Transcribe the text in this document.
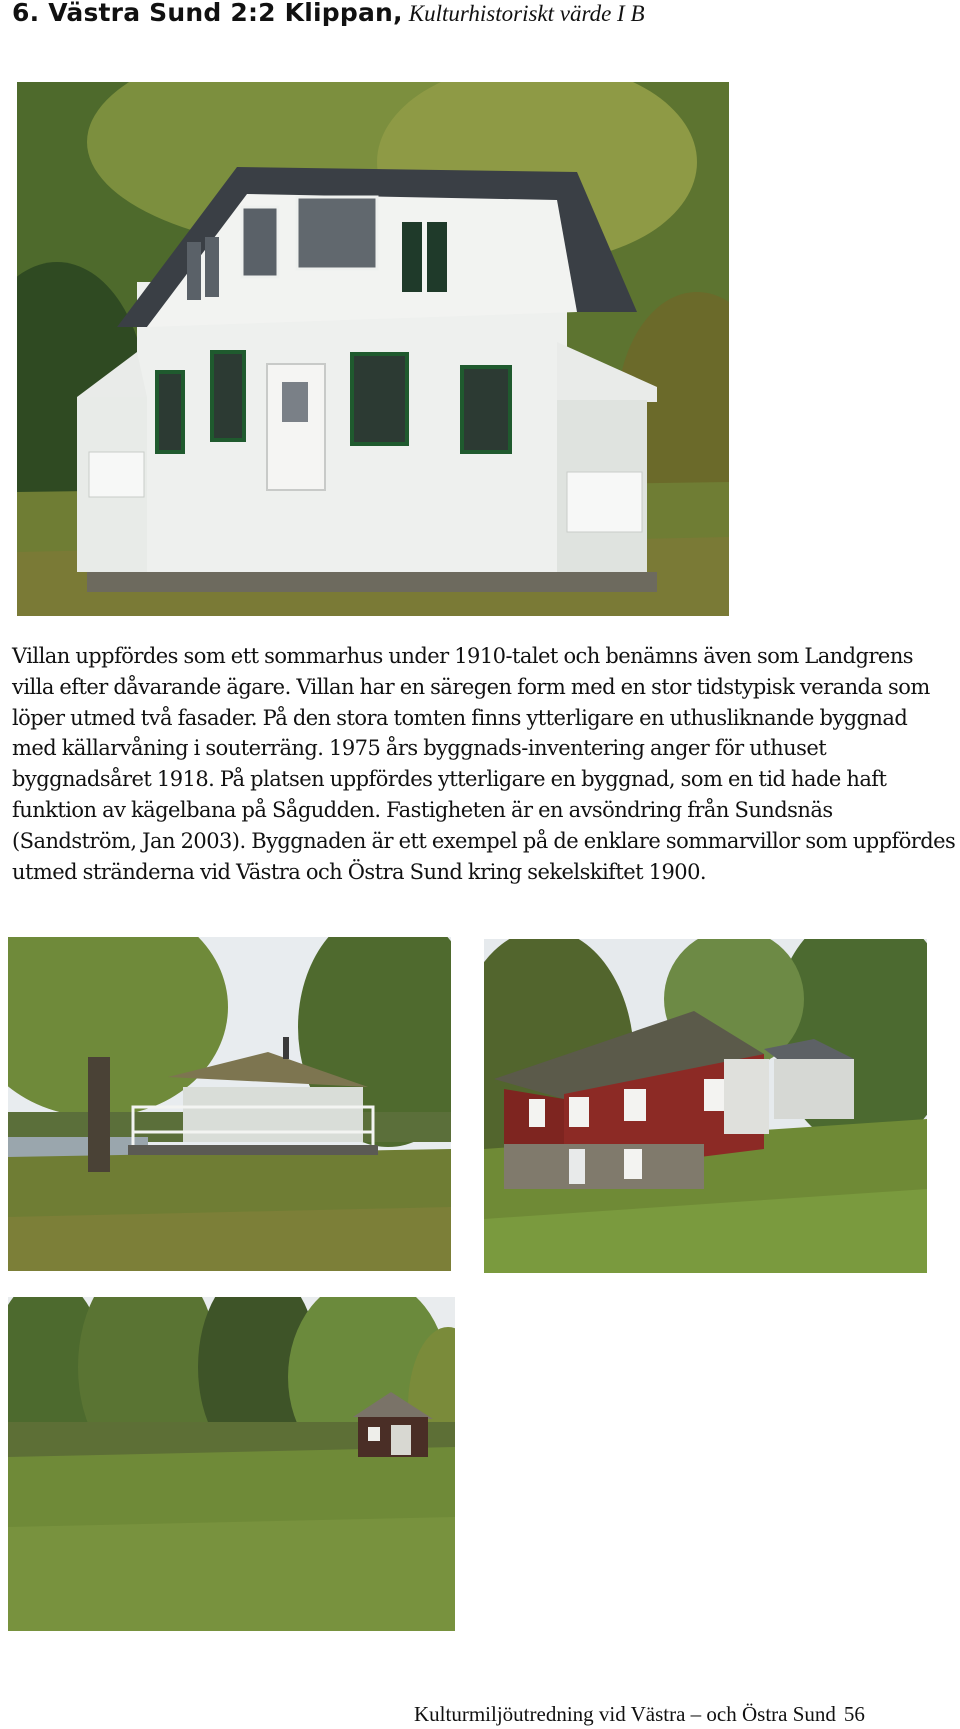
6. Västra Sund 2:2 Klippan, Kulturhistoriskt värde I B

Villan uppfördes som ett sommarhus under 1910-talet och benämns även som Landgrens villa efter dåvarande ägare. Villan har en säregen form med en stor tidstypisk veranda som löper utmed två fasader. På den stora tomten finns ytterligare en uthusliknande byggnad med källarvåning i souterräng. 1975 års byggnads-inventering anger för uthuset byggnadsåret 1918. På platsen uppfördes ytterligare en byggnad, som en tid hade haft funktion av kägelbana på Sågudden. Fastigheten är en avsöndring från Sundsnäs (Sandström, Jan 2003). Byggnaden är ett exempel på de enklare sommarvillor som uppfördes utmed stränderna vid Västra och Östra Sund kring sekelskiftet 1900.

Kulturmiljöutredning vid Västra – och Östra Sund 56
